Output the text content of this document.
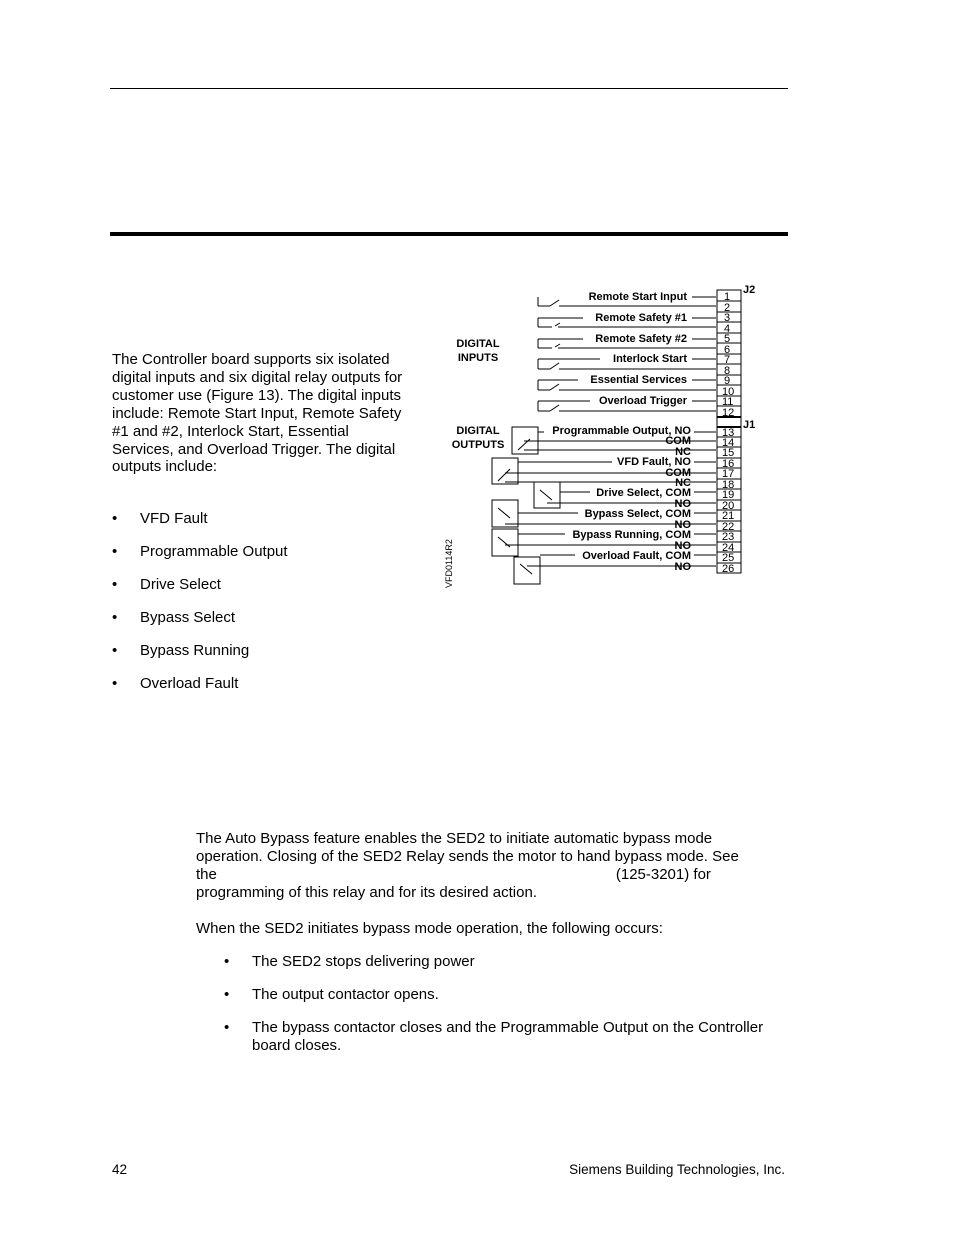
The Controller board supports six isolated digital inputs and six digital relay outputs for customer use (Figure 13). The digital inputs include: Remote Start Input, Remote Safety #1 and #2, Interlock Start, Essential Services, and Overload Trigger. The digital outputs include:

• VFD Fault
• Programmable Output
• Drive Select
• Bypass Select
• Bypass Running
• Overload Fault
J2
J1
DIGITAL
INPUTS
DIGITAL
OUTPUTS
VFD0114R2
Remote Start Input
Remote Safety #1
Remote Safety #2
Interlock Start
Essential Services
Overload Trigger
Programmable Output, NO
COM
NC
VFD Fault, NO
COM
NC
Drive Select, COM
NO
Bypass Select, COM
NO
Bypass Running, COM
NO
Overload Fault, COM
NO
1
2
3
4
5
6
7
8
9
10
11
12
13
14
15
16
17
18
19
20
21
22
23
24
25
26

The Auto Bypass feature enables the SED2 to initiate automatic bypass mode
operation. Closing of the SED2 Relay sends the motor to hand bypass mode. See
the	(125-3201) for
programming of this relay and for its desired action.

When the SED2 initiates bypass mode operation, the following occurs:

• The SED2 stops delivering power
• The output contactor opens.
• The bypass contactor closes and the Programmable Output on the Controller board closes.
42	Siemens Building Technologies, Inc.
